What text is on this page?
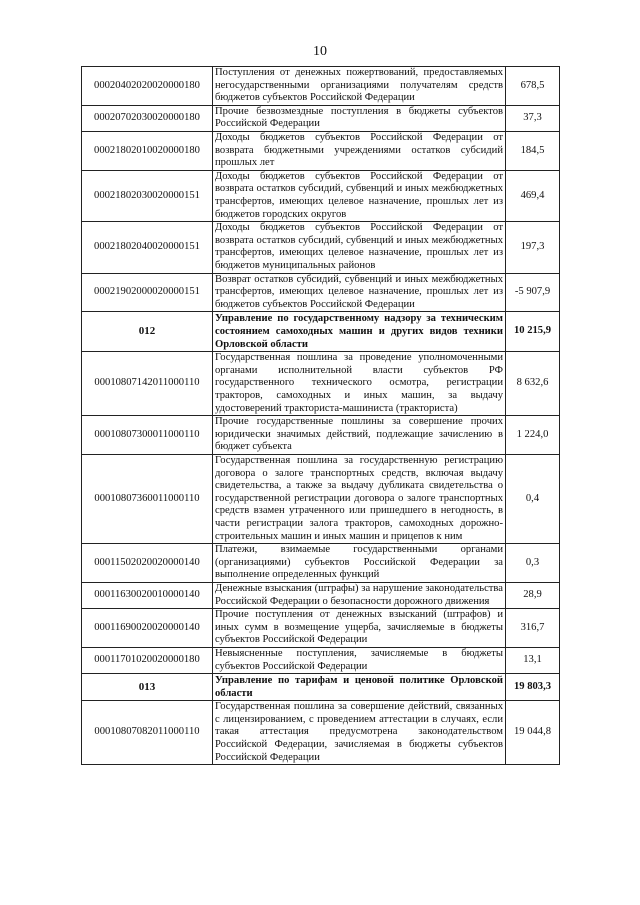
10
00020402020020000180	Поступления от денежных пожертвований, предоставляемых негосударственными организациями получателям средств бюджетов субъектов Российской Федерации	678,5
00020702030020000180	Прочие безвозмездные поступления в бюджеты субъектов Российской Федерации	37,3
00021802010020000180	Доходы бюджетов субъектов Российской Федерации от возврата бюджетными учреждениями остатков субсидий прошлых лет	184,5
00021802030020000151	Доходы бюджетов субъектов Российской Федерации от возврата остатков субсидий, субвенций и иных межбюджетных трансфертов, имеющих целевое назначение, прошлых лет из бюджетов городских округов	469,4
00021802040020000151	Доходы бюджетов субъектов Российской Федерации от возврата остатков субсидий, субвенций и иных межбюджетных трансфертов, имеющих целевое назначение, прошлых лет из бюджетов муниципальных районов	197,3
00021902000020000151	Возврат остатков субсидий, субвенций и иных межбюджетных трансфертов, имеющих целевое назначение, прошлых лет из бюджетов субъектов Российской Федерации	-5 907,9
012	Управление по государственному надзору за техническим состоянием самоходных машин и других видов техники Орловской области	10 215,9
00010807142011000110	Государственная пошлина за проведение уполномоченными органами исполнительной власти субъектов РФ государственного технического осмотра, регистрации тракторов, самоходных и иных машин, за выдачу удостоверений тракториста-машиниста (тракториста)	8 632,6
00010807300011000110	Прочие государственные пошлины за совершение прочих юридически значимых действий, подлежащие зачислению в бюджет субъекта	1 224,0
00010807360011000110	Государственная пошлина за государственную регистрацию договора о залоге транспортных средств, включая выдачу свидетельства, а также за выдачу дубликата свидетельства о государственной регистрации договора о залоге транспортных средств взамен утраченного или пришедшего в негодность, в части регистрации залога тракторов, самоходных дорожно-строительных машин и иных машин и прицепов к ним	0,4
00011502020020000140	Платежи, взимаемые государственными органами (организациями) субъектов Российской Федерации за выполнение определенных функций	0,3
00011630020010000140	Денежные взыскания (штрафы) за нарушение законодательства Российской Федерации о безопасности дорожного движения	28,9
00011690020020000140	Прочие поступления от денежных взысканий (штрафов) и иных сумм в возмещение ущерба, зачисляемые в бюджеты субъектов Российской Федерации	316,7
00011701020020000180	Невыясненные поступления, зачисляемые в бюджеты субъектов Российской Федерации	13,1
013	Управление по тарифам и ценовой политике Орловской области	19 803,3
00010807082011000110	Государственная пошлина за совершение действий, связанных с лицензированием, с проведением аттестации в случаях, если такая аттестация предусмотрена законодательством Российской Федерации, зачисляемая в бюджеты субъектов Российской Федерации	19 044,8
